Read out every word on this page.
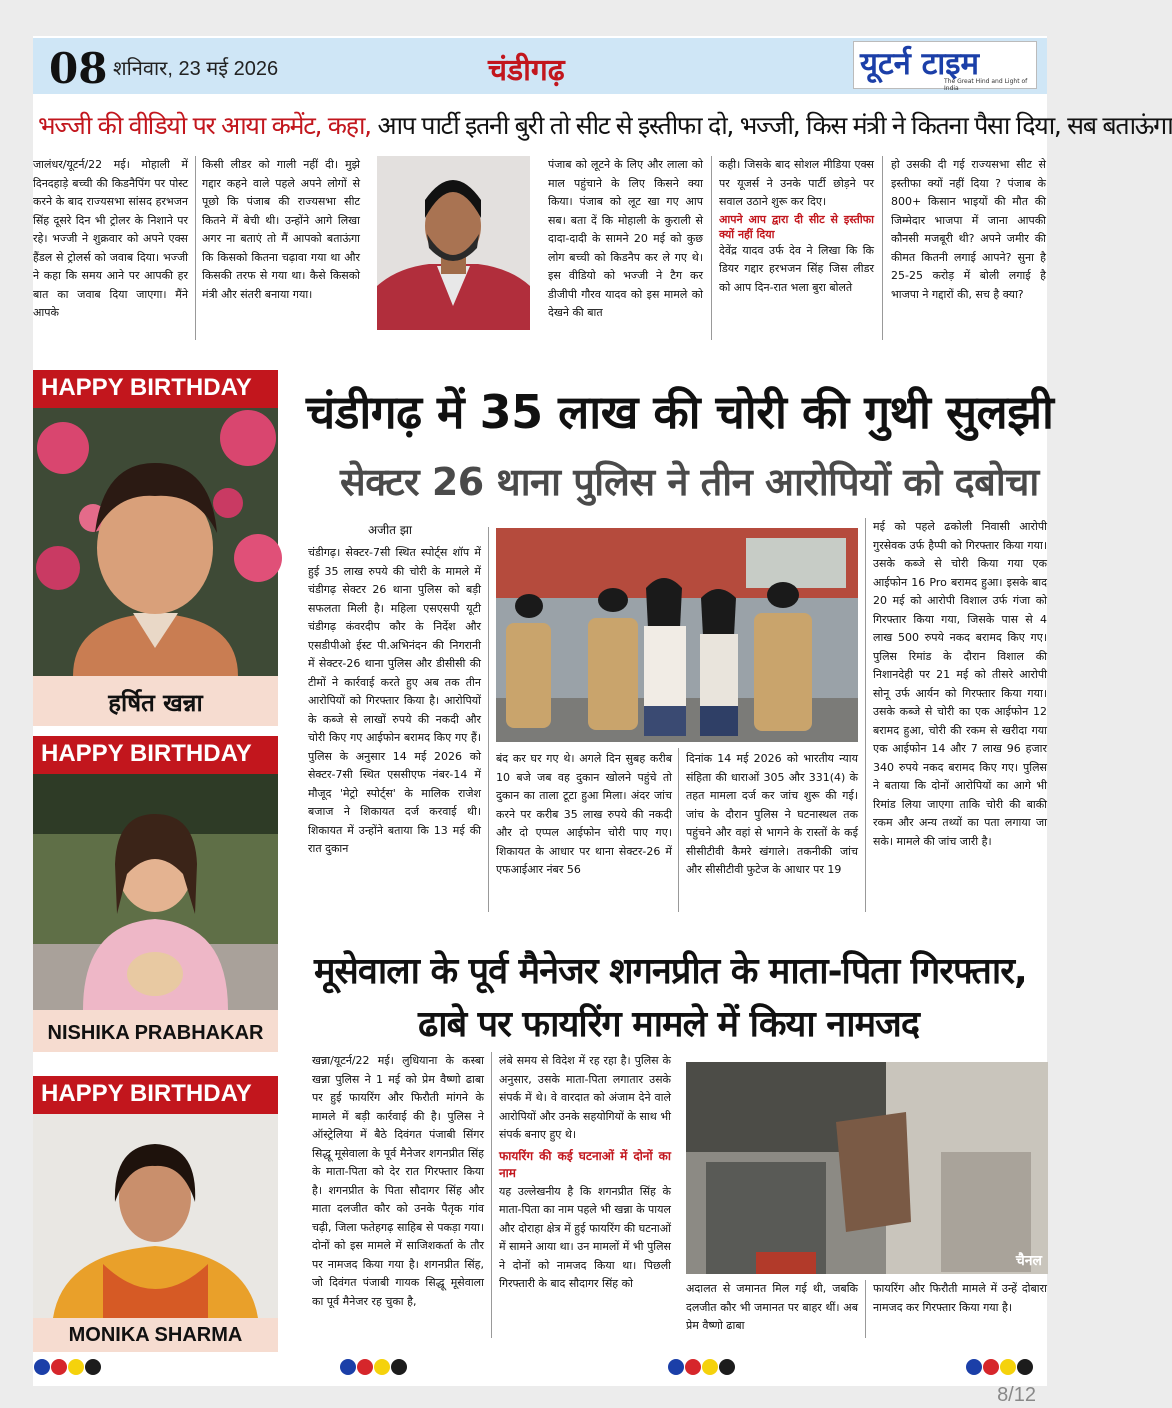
08 शनिवार, 23 मई 2026	चंडीगढ़	यूटर्न टाइम
The Great Hind and Light of India
भज्जी की वीडियो पर आया कमेंट, कहा, आप पार्टी इतनी बुरी तो सीट से इस्तीफा दो, भज्जी, किस मंत्री ने कितना पैसा दिया, सब बताऊंगा
जालंधर/यूटर्न/22 मई। मोहाली में दिनदहाड़े बच्ची की किडनैपिंग पर पोस्ट करने के बाद राज्यसभा सांसद हरभजन सिंह दूसरे दिन भी ट्रोलर के निशाने पर रहे। भज्जी ने शुक्रवार को अपने एक्स हैंडल से ट्रोलर्स को जवाब दिया। भज्जी ने कहा कि समय आने पर आपकी हर बात का जवाब दिया जाएगा। मैंने आपके
किसी लीडर को गाली नहीं दी। मुझे गद्दार कहने वाले पहले अपने लोगों से पूछो कि पंजाब की राज्यसभा सीट कितने में बेची थी। उन्होंने आगे लिखा अगर ना बताएं तो मैं आपको बताऊंगा कि किसको कितना चढ़ावा गया था और किसकी तरफ से गया था। कैसे किसको मंत्री और संतरी बनाया गया।
पंजाब को लूटने के लिए और लाला को माल पहुंचाने के लिए किसने क्या किया। पंजाब को लूट खा गए आप सब। बता दें कि मोहाली के कुराली से दादा-दादी के सामने 20 मई को कुछ लोग बच्ची को किडनैप कर ले गए थे। इस वीडियो को भज्जी ने टैग कर डीजीपी गौरव यादव को इस मामले को देखने की बात
कही। जिसके बाद सोशल मीडिया एक्स पर यूजर्स ने उनके पार्टी छोड़ने पर सवाल उठाने शुरू कर दिए।
आपने आप द्वारा दी सीट से इस्तीफा क्यों नहीं दिया
देवेंद्र यादव उर्फ देव ने लिखा कि कि डियर गद्दार हरभजन सिंह जिस लीडर को आप दिन-रात भला बुरा बोलते
हो उसकी दी गई राज्यसभा सीट से इस्तीफा क्यों नहीं दिया ? पंजाब के 800+ किसान भाइयों की मौत की जिम्मेदार भाजपा में जाना आपकी कौनसी मजबूरी थी? अपने जमीर की कीमत कितनी लगाई आपने? सुना है 25-25 करोड़ में बोली लगाई है भाजपा ने गद्दारों की, सच है क्या?
HAPPY BIRTHDAY
हर्षित खन्ना
HAPPY BIRTHDAY
NISHIKA PRABHAKAR
HAPPY BIRTHDAY
MONIKA SHARMA
चंडीगढ़ में 35 लाख की चोरी की गुथी सुलझी
सेक्टर 26 थाना पुलिस ने तीन आरोपियों को दबोचा
अजीत झा
चंडीगढ़। सेक्टर-7सी स्थित स्पोर्ट्स शॉप में हुई 35 लाख रुपये की चोरी के मामले में चंडीगढ़ सेक्टर 26 थाना पुलिस को बड़ी सफलता मिली है। महिला एसएसपी यूटी चंडीगढ़ कंवरदीप कौर के निर्देश और एसडीपीओ ईस्ट पी.अभिनंदन की निगरानी में सेक्टर-26 थाना पुलिस और डीसीसी की टीमों ने कार्रवाई करते हुए अब तक तीन आरोपियों को गिरफ्तार किया है। आरोपियों के कब्जे से लाखों रुपये की नकदी और चोरी किए गए आईफोन बरामद किए गए हैं। पुलिस के अनुसार 14 मई 2026 को सेक्टर-7सी स्थित एससीएफ नंबर-14 में मौजूद 'मेट्रो स्पोर्ट्स' के मालिक राजेश बजाज ने शिकायत दर्ज करवाई थी। शिकायत में उन्होंने बताया कि 13 मई की रात दुकान
बंद कर घर गए थे। अगले दिन सुबह करीब 10 बजे जब वह दुकान खोलने पहुंचे तो दुकान का ताला टूटा हुआ मिला। अंदर जांच करने पर करीब 35 लाख रुपये की नकदी और दो एप्पल आईफोन चोरी पाए गए। शिकायत के आधार पर थाना सेक्टर-26 में एफआईआर नंबर 56
दिनांक 14 मई 2026 को भारतीय न्याय संहिता की धाराओं 305 और 331(4) के तहत मामला दर्ज कर जांच शुरू की गई। जांच के दौरान पुलिस ने घटनास्थल तक पहुंचने और वहां से भागने के रास्तों के कई सीसीटीवी कैमरे खंगाले। तकनीकी जांच और सीसीटीवी फुटेज के आधार पर 19
मई को पहले ढकोली निवासी आरोपी गुरसेवक उर्फ हैप्पी को गिरफ्तार किया गया। उसके कब्जे से चोरी किया गया एक आईफोन 16 Pro बरामद हुआ। इसके बाद 20 मई को आरोपी विशाल उर्फ गंजा को गिरफ्तार किया गया, जिसके पास से 4 लाख 500 रुपये नकद बरामद किए गए। पुलिस रिमांड के दौरान विशाल की निशानदेही पर 21 मई को तीसरे आरोपी सोनू उर्फ आर्यन को गिरफ्तार किया गया। उसके कब्जे से चोरी का एक आईफोन 12 बरामद हुआ, चोरी की रकम से खरीदा गया एक आईफोन 14 और 7 लाख 96 हजार 340 रुपये नकद बरामद किए गए। पुलिस ने बताया कि दोनों आरोपियों का आगे भी रिमांड लिया जाएगा ताकि चोरी की बाकी रकम और अन्य तथ्यों का पता लगाया जा सके। मामले की जांच जारी है।
मूसेवाला के पूर्व मैनेजर शगनप्रीत के माता-पिता गिरफ्तार,
ढाबे पर फायरिंग मामले में किया नामजद
खन्ना/यूटर्न/22 मई। लुधियाना के कस्बा खन्ना पुलिस ने 1 मई को प्रेम वैष्णो ढाबा पर हुई फायरिंग और फिरौती मांगने के मामले में बड़ी कार्रवाई की है। पुलिस ने ऑस्ट्रेलिया में बैठे दिवंगत पंजाबी सिंगर सिद्धू मूसेवाला के पूर्व मैनेजर शगनप्रीत सिंह के माता-पिता को देर रात गिरफ्तार किया है। शगनप्रीत के पिता सौदागर सिंह और माता दलजीत कौर को उनके पैतृक गांव चढ़ी, जिला फतेहगढ़ साहिब से पकड़ा गया। दोनों को इस मामले में साजिशकर्ता के तौर पर नामजद किया गया है। शगनप्रीत सिंह, जो दिवंगत पंजाबी गायक सिद्धू मूसेवाला का पूर्व मैनेजर रह चुका है,
लंबे समय से विदेश में रह रहा है। पुलिस के अनुसार, उसके माता-पिता लगातार उसके संपर्क में थे। वे वारदात को अंजाम देने वाले आरोपियों और उनके सहयोगियों के साथ भी संपर्क बनाए हुए थे।
फायरिंग की कई घटनाओं में दोनों का नाम
यह उल्लेखनीय है कि शगनप्रीत सिंह के माता-पिता का नाम पहले भी खन्ना के पायल और दोराहा क्षेत्र में हुई फायरिंग की घटनाओं में सामने आया था। उन मामलों में भी पुलिस ने दोनों को नामजद किया था। पिछली गिरफ्तारी के बाद सौदागर सिंह को
चैनल
अदालत से जमानत मिल गई थी, जबकि दलजीत कौर भी जमानत पर बाहर थीं। अब प्रेम वैष्णो ढाबा
फायरिंग और फिरौती मामले में उन्हें दोबारा नामजद कर गिरफ्तार किया गया है।
8/12
